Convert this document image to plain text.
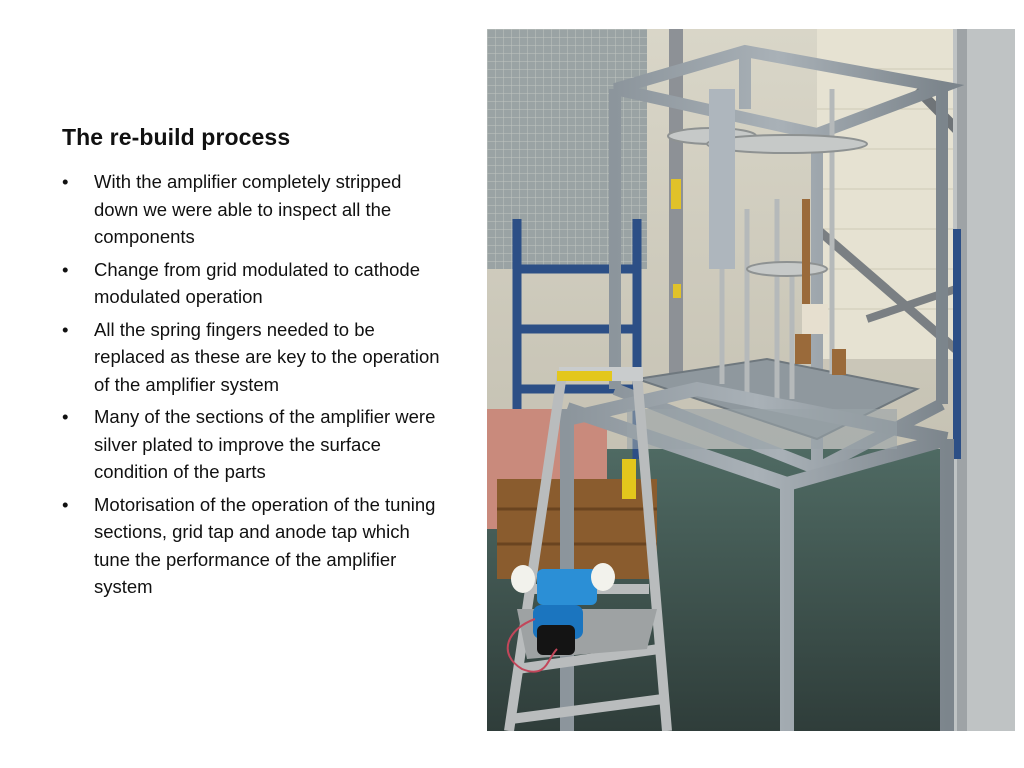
The re-build process
• With the amplifier completely stripped down we were able to inspect all the components
• Change from grid modulated to cathode modulated operation
• All the spring fingers needed to be replaced as these are key to the operation of the amplifier system
• Many of the sections of the amplifier were silver plated to improve the surface condition of the parts
• Motorisation of the operation of the tuning sections, grid tap and anode tap which tune the performance of the amplifier system
